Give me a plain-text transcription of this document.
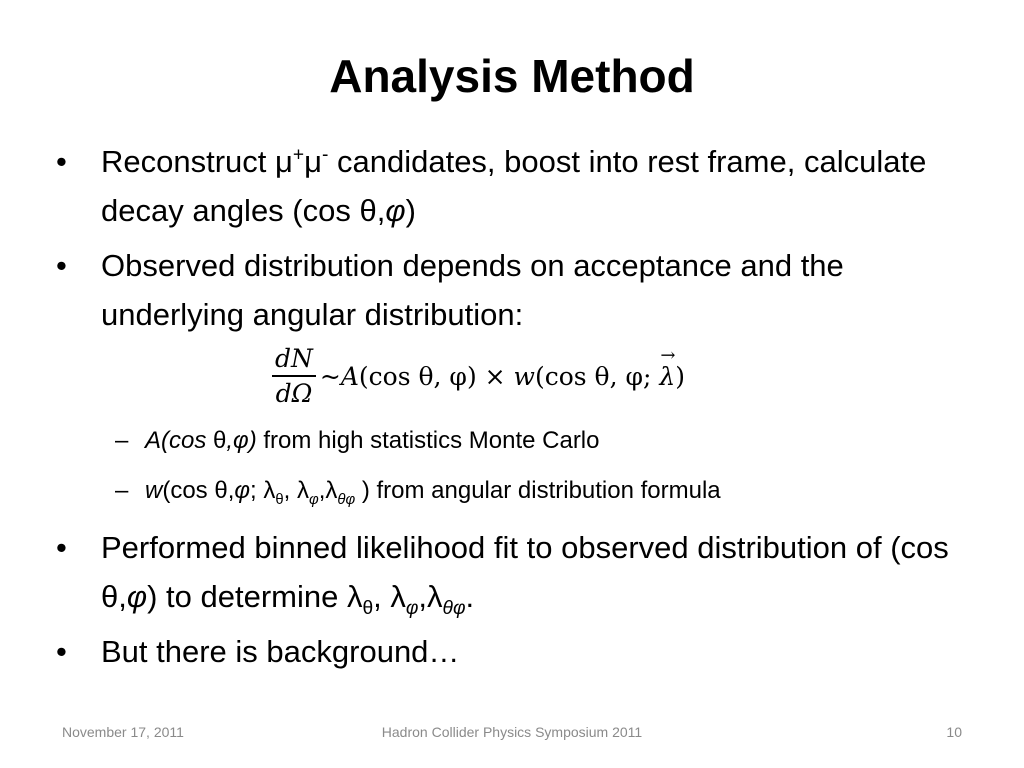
Analysis Method
• Reconstruct μ+μ- candidates, boost into rest frame, calculate decay angles (cos θ,φ)
• Observed distribution depends on acceptance and the underlying angular distribution:
$\frac{dN}{d\Omega}$ ~A(cos θ, φ) × w(cos θ, φ; → λ)
– A(cos θ,φ) from high statistics Monte Carlo
– w(cos θ,φ; $\lambda_\theta$, $\lambda_\varphi,\lambda_{\theta\varphi}$ ) from angular distribution formula
• Performed binned likelihood fit to observed distribution of (cos θ,φ) to determine $\lambda_\theta$, $\lambda_\varphi,\lambda_{\theta\varphi}$.
• But there is background…
November 17, 2011	Hadron Collider Physics Symposium 2011	10
